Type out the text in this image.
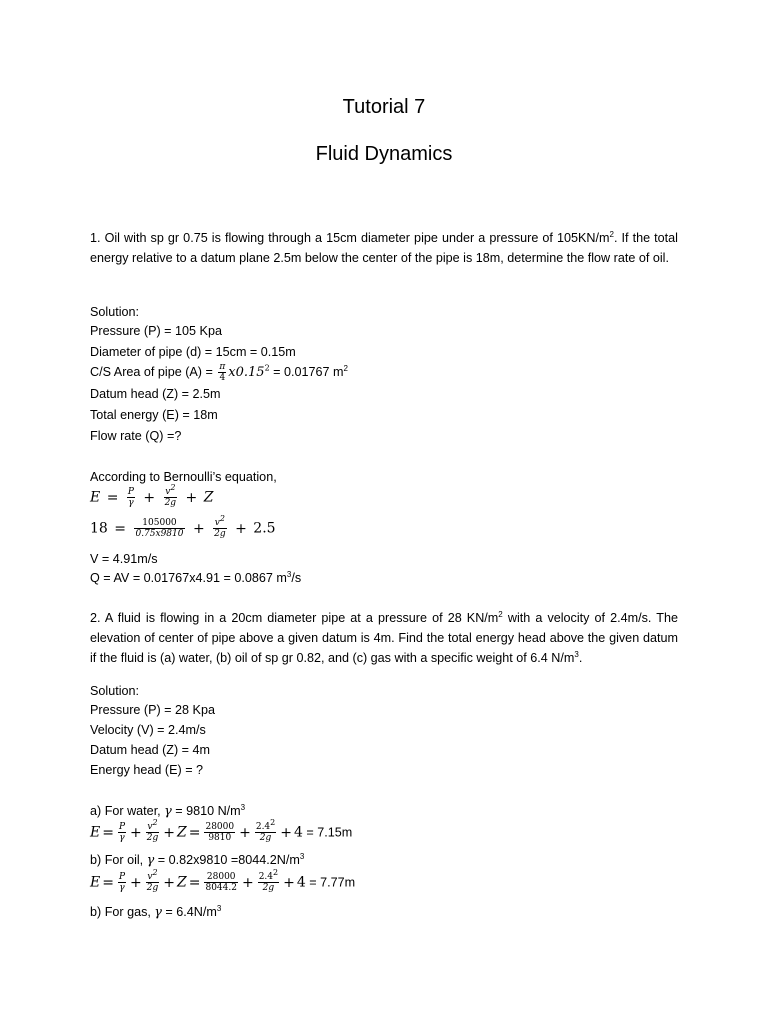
Tutorial 7
Fluid Dynamics
1. Oil with sp gr 0.75 is flowing through a 15cm diameter pipe under a pressure of $105KN/m^2$. If the total energy relative to a datum plane 2.5m below the center of the pipe is 18m, determine the flow rate of oil.
Solution:
Pressure (P) = 105 Kpa
Diameter of pipe (d) = 15cm = 0.15m
C/S Area of pipe $(A) = \frac{\pi}{4} x0.15^2 = 0.01767$ $m^2$
Datum head (Z) = 2.5m
Total energy (E) = 18m
Flow rate (Q) =?
According to Bernoulli’s equation,
$E = \frac{P}{\gamma} + \frac{v^2}{2g} + Z$
$18 = \frac{105000}{0.75x9810} + \frac{v^2}{2g} + 2.5$
V = 4.91m/s
Q = AV = 0.01767x4.91 = 0.0867 $m^3/s$
2. A fluid is flowing in a 20cm diameter pipe at a pressure of 28 $KN/m^2$ with a velocity of 2.4m/s. The elevation of center of pipe above a given datum is 4m. Find the total energy head above the given datum if the fluid is (a) water, (b) oil of sp gr 0.82, and (c) gas with a specific weight of 6.4 $N/m^3$.
Solution:
Pressure (P) = 28 Kpa
Velocity (V) = 2.4m/s
Datum head (Z) = 4m
Energy head (E) = ?
a) For water, γ = 9810 $N/m^3$
$E = \frac{P}{\gamma} + \frac{v^2}{2g} + Z = \frac{28000}{9810} + \frac{2.4^2}{2g} + 4 = 7.15m$
b) For oil, $\gamma = 0.82x9810 =8044.2N/m^3$
$E = \frac{P}{\gamma} + \frac{v^2}{2g} + Z = \frac{28000}{8044.2} + \frac{2.4^2}{2g} + 4 = 7.77m$
b) For gas, $\gamma = 6.4N/m^3$
